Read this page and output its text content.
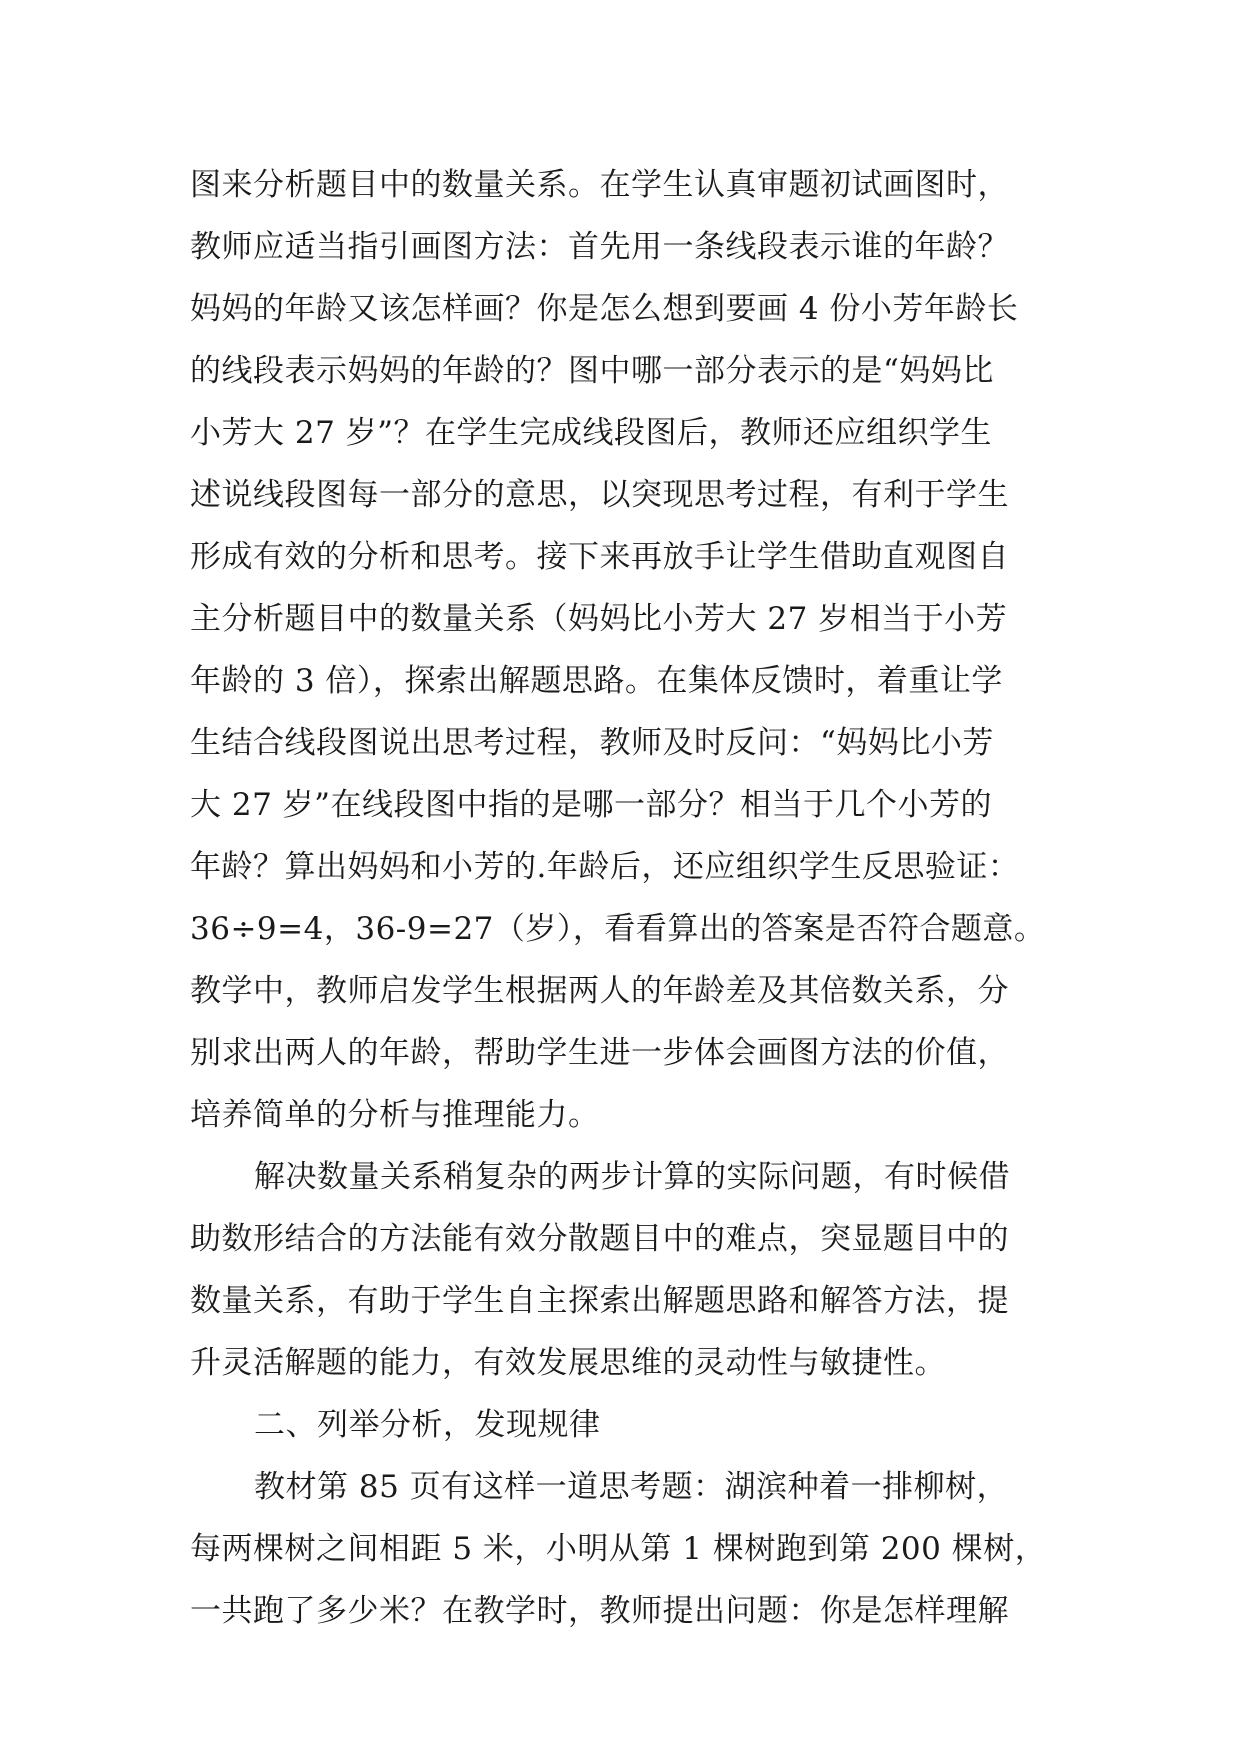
图来分析题目中的数量关系。在学生认真审题初试画图时，
教师应适当指引画图方法：首先用一条线段表示谁的年龄？
妈妈的年龄又该怎样画？你是怎么想到要画 4 份小芳年龄长
的线段表示妈妈的年龄的？图中哪一部分表示的是“妈妈比
小芳大 27 岁”？在学生完成线段图后，教师还应组织学生
述说线段图每一部分的意思，以突现思考过程，有利于学生
形成有效的分析和思考。接下来再放手让学生借助直观图自
主分析题目中的数量关系（妈妈比小芳大 27 岁相当于小芳
年龄的 3 倍），探索出解题思路。在集体反馈时，着重让学
生结合线段图说出思考过程，教师及时反问：“妈妈比小芳
大 27 岁”在线段图中指的是哪一部分？相当于几个小芳的
年龄？算出妈妈和小芳的.年龄后，还应组织学生反思验证：
36÷9=4，36-9=27（岁），看看算出的答案是否符合题意。
教学中，教师启发学生根据两人的年龄差及其倍数关系，分
别求出两人的年龄，帮助学生进一步体会画图方法的价值，
培养简单的分析与推理能力。
解决数量关系稍复杂的两步计算的实际问题，有时候借
助数形结合的方法能有效分散题目中的难点，突显题目中的
数量关系，有助于学生自主探索出解题思路和解答方法，提
升灵活解题的能力，有效发展思维的灵动性与敏捷性。
二、列举分析，发现规律
教材第 85 页有这样一道思考题：湖滨种着一排柳树，
每两棵树之间相距 5 米，小明从第 1 棵树跑到第 200 棵树，
一共跑了多少米？在教学时，教师提出问题：你是怎样理解
